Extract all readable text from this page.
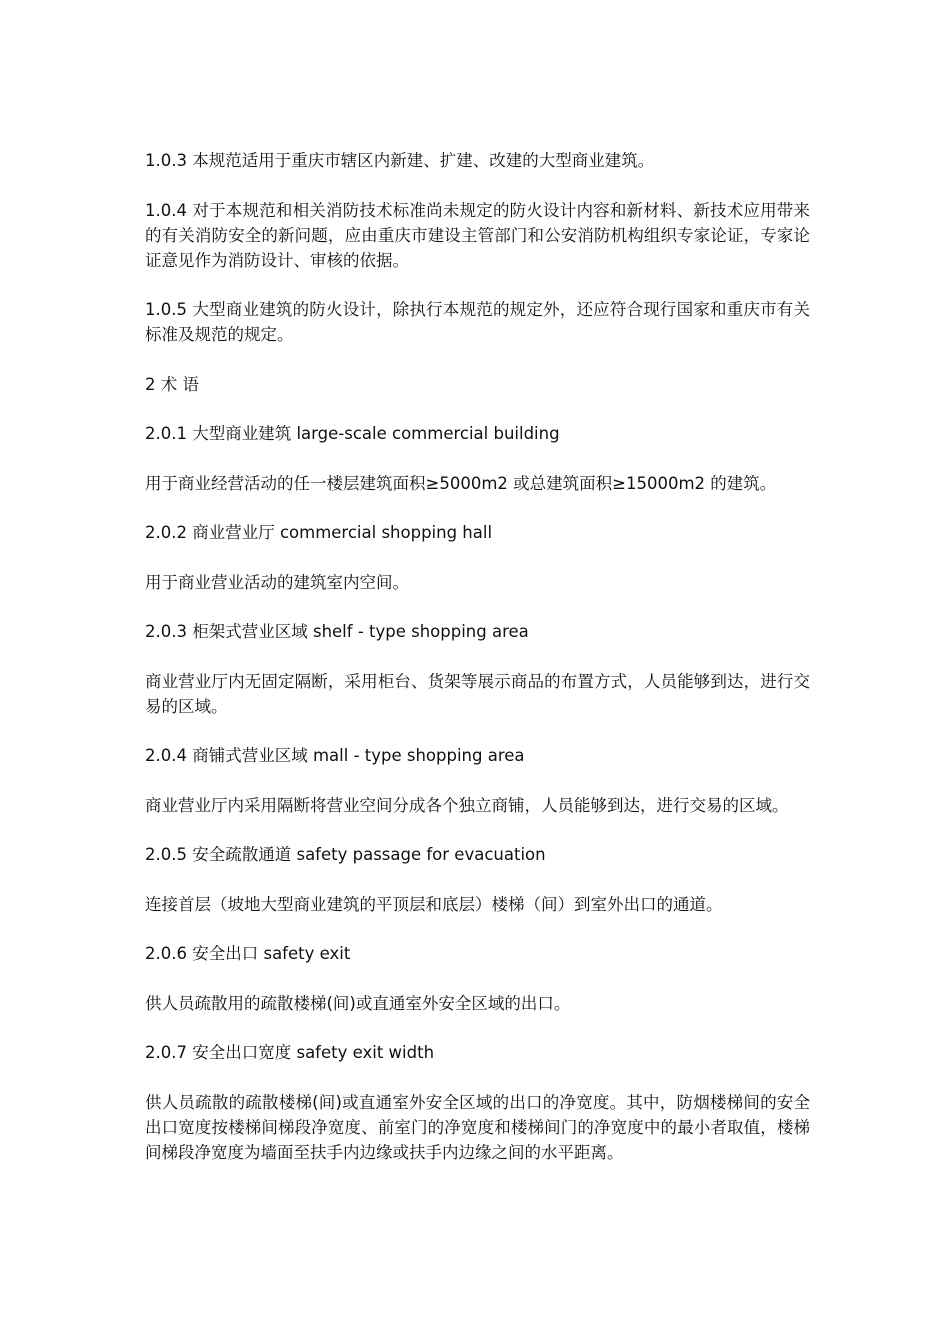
1.0.3 本规范适用于重庆市辖区内新建、扩建、改建的大型商业建筑。

1.0.4 对于本规范和相关消防技术标准尚未规定的防火设计内容和新材料、新技术应用带来的有关消防安全的新问题，应由重庆市建设主管部门和公安消防机构组织专家论证，专家论证意见作为消防设计、审核的依据。

1.0.5 大型商业建筑的防火设计，除执行本规范的规定外，还应符合现行国家和重庆市有关标准及规范的规定。

2 术 语

2.0.1 大型商业建筑 large-scale commercial building

用于商业经营活动的任一楼层建筑面积≥5000m2 或总建筑面积≥15000m2 的建筑。

2.0.2 商业营业厅 commercial shopping hall

用于商业营业活动的建筑室内空间。

2.0.3 柜架式营业区域 shelf - type shopping area

商业营业厅内无固定隔断，采用柜台、货架等展示商品的布置方式，人员能够到达，进行交易的区域。

2.0.4 商铺式营业区域 mall - type shopping area

商业营业厅内采用隔断将营业空间分成各个独立商铺，人员能够到达，进行交易的区域。

2.0.5 安全疏散通道 safety passage for evacuation

连接首层（坡地大型商业建筑的平顶层和底层）楼梯（间）到室外出口的通道。

2.0.6 安全出口 safety exit

供人员疏散用的疏散楼梯(间)或直通室外安全区域的出口。

2.0.7 安全出口宽度 safety exit width

供人员疏散的疏散楼梯(间)或直通室外安全区域的出口的净宽度。其中，防烟楼梯间的安全出口宽度按楼梯间梯段净宽度、前室门的净宽度和楼梯间门的净宽度中的最小者取值，楼梯间梯段净宽度为墙面至扶手内边缘或扶手内边缘之间的水平距离。
